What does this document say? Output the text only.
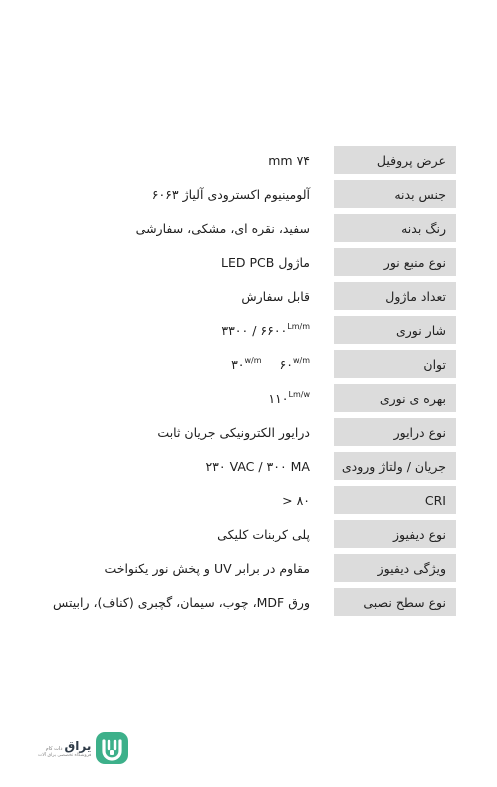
عرض پروفیل
۷۴ mm
جنس بدنه
آلومینیوم اکسترودی آلیاژ ۶۰۶۳
رنگ بدنه
سفید، نقره ای، مشکی، سفارشی
نوع منبع نور
ماژول LED PCB
تعداد ماژول
قابل سفارش
شار نوری
۳۳۰۰ / $۶۶۰۰^{Lm/m}$
توان
$۳۰^{w/m}$ $۶۰^{w/m}$
بهره ی نوری
$۱۱۰^{Lm/w}$
نوع درایور
درایور الکترونیکی جریان ثابت
جریان / ولتاژ ورودی
۲۳۰ VAC / ۳۰۰ MA
CRI
> ۸۰
نوع دیفیوز
پلی کربنات کلیکی
ویژگی دیفیوز
مقاوم در برابر UV و پخش نور یکنواخت
نوع سطح نصبی
ورق MDF، چوب، سیمان، گچبری (کناف)، رابیتس
دات کام یراق
فروشگاه تخصصی یراق آلات
